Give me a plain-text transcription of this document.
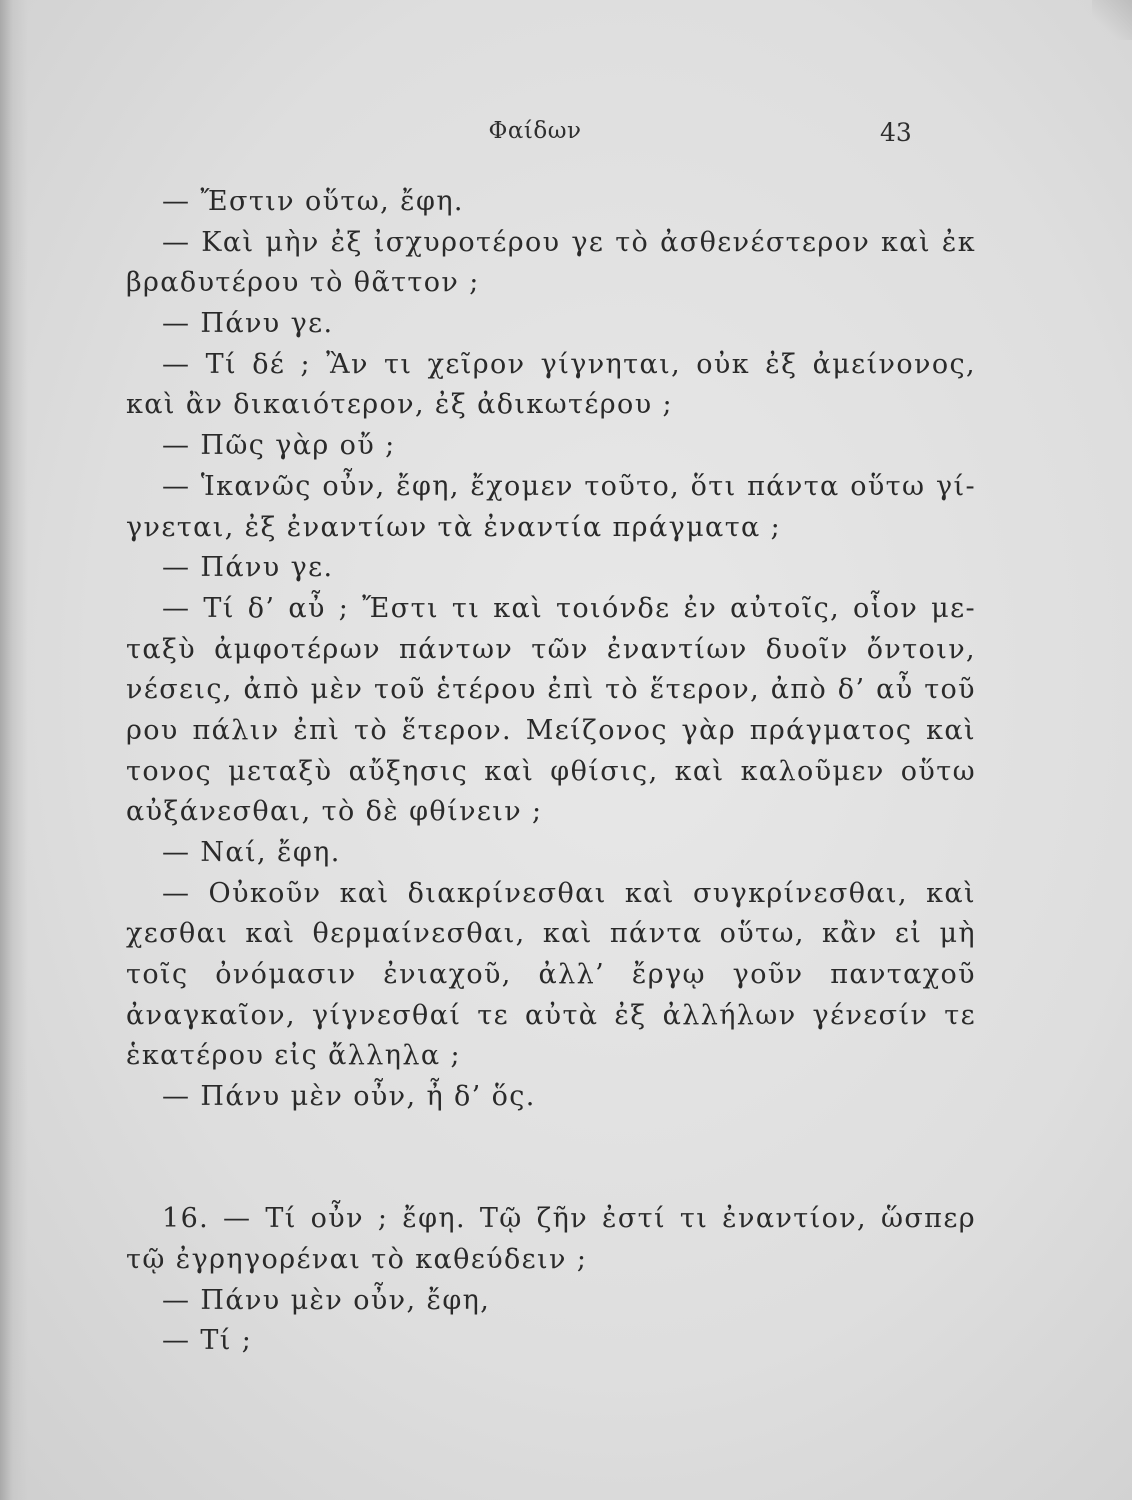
Φαίδων	43
— Ἔστιν οὕτω, ἔφη.
— Καὶ μὴν ἐξ ἰσχυροτέρου γε τὸ ἀσθενέστερον καὶ ἐκ
βραδυτέρου τὸ θᾶττον ;
— Πάνυ γε.
— Τί δέ ; Ἂν τι χεῖρον γίγνηται, οὐκ ἐξ ἀμείνονος,
καὶ ἂν δικαιότερον, ἐξ ἀδικωτέρου ;
— Πῶς γὰρ οὔ ;
— Ἱκανῶς οὖν, ἔφη, ἔχομεν τοῦτο, ὅτι πάντα οὕτω γί-
γνεται, ἐξ ἐναντίων τὰ ἐναντία πράγματα ;
— Πάνυ γε.
— Τί δ’ αὖ ; Ἔστι τι καὶ τοιόνδε ἐν αὐτοῖς, οἷον με-
ταξὺ ἀμφοτέρων πάντων τῶν ἐναντίων δυοῖν ὄντοιν,
νέσεις, ἀπὸ μὲν τοῦ ἑτέρου ἐπὶ τὸ ἕτερον, ἀπὸ δ’ αὖ τοῦ
ρου πάλιν ἐπὶ τὸ ἕτερον. Μείζονος γὰρ πράγματος καὶ
τονος μεταξὺ αὔξησις καὶ φθίσις, καὶ καλοῦμεν οὕτω
αὐξάνεσθαι, τὸ δὲ φθίνειν ;
— Ναί, ἔφη.
— Οὐκοῦν καὶ διακρίνεσθαι καὶ συγκρίνεσθαι, καὶ
χεσθαι καὶ θερμαίνεσθαι, καὶ πάντα οὕτω, κἂν εἰ μὴ
τοῖς ὀνόμασιν ἐνιαχοῦ, ἀλλ’ ἔργῳ γοῦν πανταχοῦ
ἀναγκαῖον, γίγνεσθαί τε αὐτὰ ἐξ ἀλλήλων γένεσίν τε
ἑκατέρου εἰς ἄλληλα ;
— Πάνυ μὲν οὖν, ἦ δ’ ὅς.
16. — Τί οὖν ; ἔφη. Τῷ ζῆν ἐστί τι ἐναντίον, ὥσπερ
τῷ ἐγρηγορέναι τὸ καθεύδειν ;
— Πάνυ μὲν οὖν, ἔφη,
— Τί ;
